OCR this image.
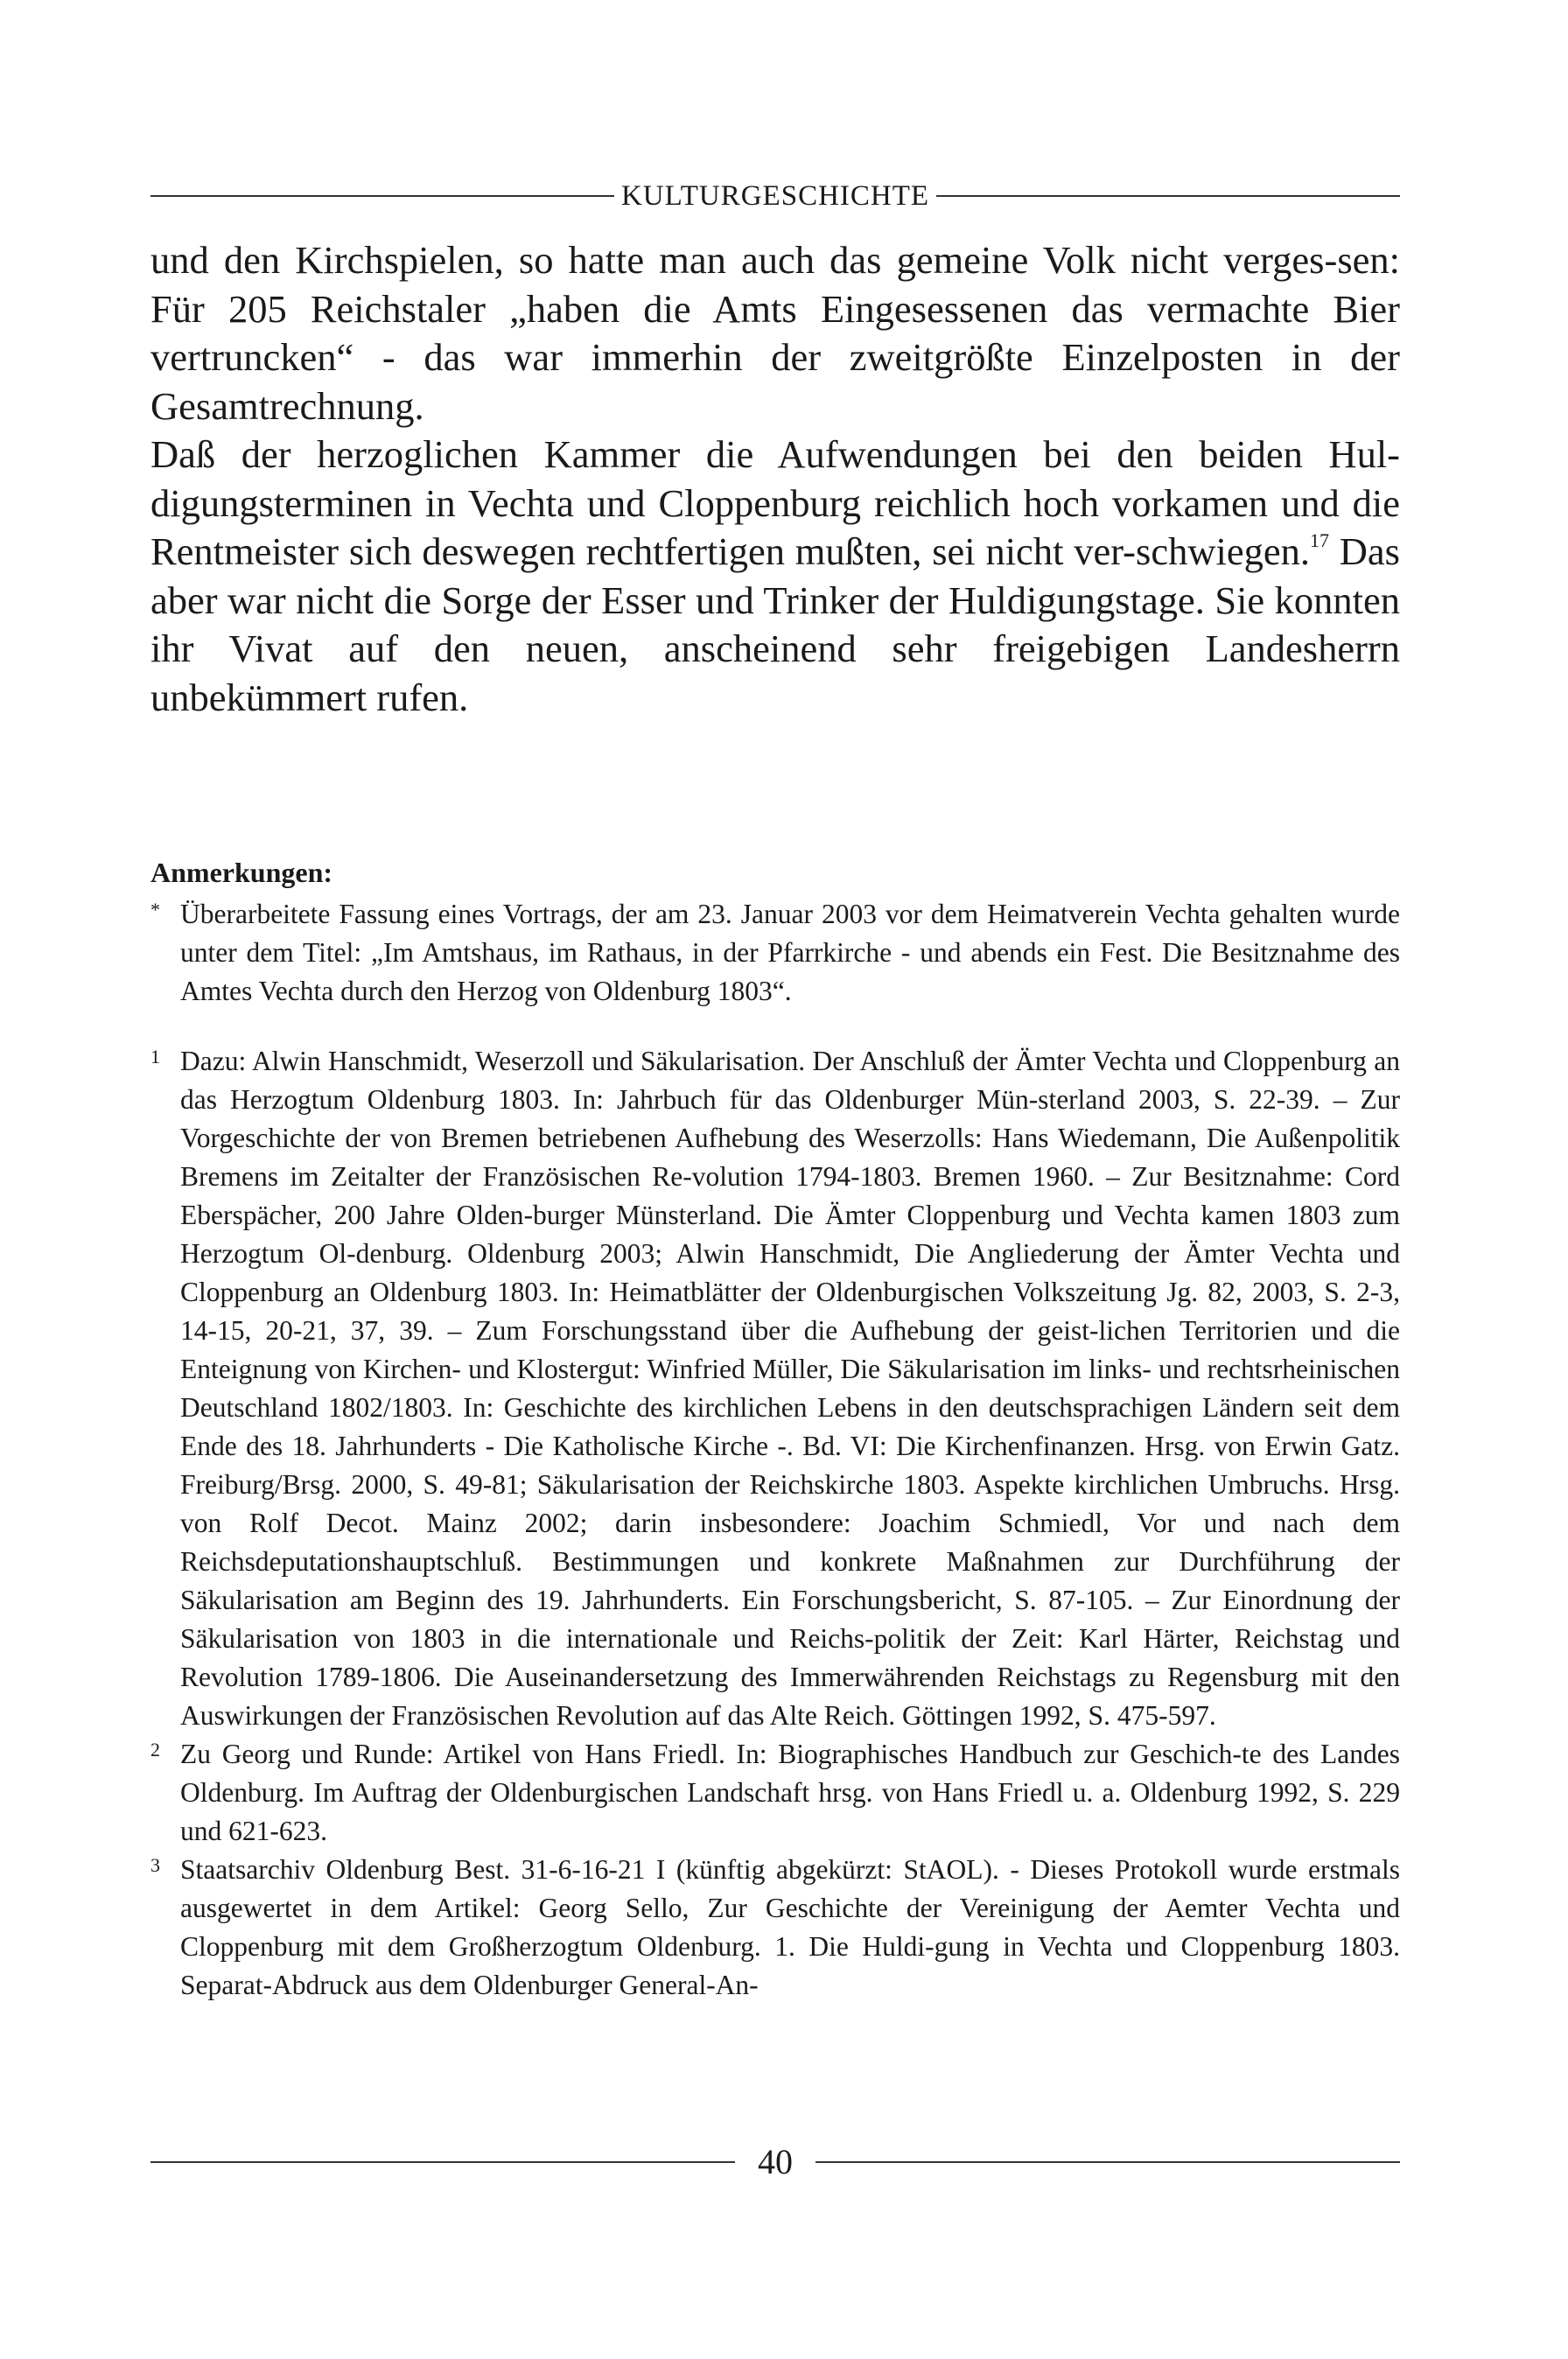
KULTURGESCHICHTE

und den Kirchspielen, so hatte man auch das gemeine Volk nicht verges-sen: Für 205 Reichstaler „haben die Amts Eingesessenen das vermachte Bier vertruncken“ - das war immerhin der zweitgrößte Einzelposten in der Gesamtrechnung.

Daß der herzoglichen Kammer die Aufwendungen bei den beiden Hul-digungsterminen in Vechta und Cloppenburg reichlich hoch vorkamen und die Rentmeister sich deswegen rechtfertigen mußten, sei nicht ver-schwiegen.$^{17}$ Das aber war nicht die Sorge der Esser und Trinker der Huldigungstage. Sie konnten ihr Vivat auf den neuen, anscheinend sehr freigebigen Landesherrn unbekümmert rufen.

Anmerkungen:
* Überarbeitete Fassung eines Vortrags, der am 23. Januar 2003 vor dem Heimatverein Vechta gehalten wurde unter dem Titel: „Im Amtshaus, im Rathaus, in der Pfarrkirche - und abends ein Fest. Die Besitznahme des Amtes Vechta durch den Herzog von Oldenburg 1803“.
1 Dazu: Alwin Hanschmidt, Weserzoll und Säkularisation. Der Anschluß der Ämter Vechta und Cloppenburg an das Herzogtum Oldenburg 1803. In: Jahrbuch für das Oldenburger Mün-sterland 2003, S. 22-39. – Zur Vorgeschichte der von Bremen betriebenen Aufhebung des Weserzolls: Hans Wiedemann, Die Außenpolitik Bremens im Zeitalter der Französischen Re-volution 1794-1803. Bremen 1960. – Zur Besitznahme: Cord Eberspächer, 200 Jahre Olden-burger Münsterland. Die Ämter Cloppenburg und Vechta kamen 1803 zum Herzogtum Ol-denburg. Oldenburg 2003; Alwin Hanschmidt, Die Angliederung der Ämter Vechta und Cloppenburg an Oldenburg 1803. In: Heimatblätter der Oldenburgischen Volkszeitung Jg. 82, 2003, S. 2-3, 14-15, 20-21, 37, 39. – Zum Forschungsstand über die Aufhebung der geist-lichen Territorien und die Enteignung von Kirchen- und Klostergut: Winfried Müller, Die Säkularisation im links- und rechtsrheinischen Deutschland 1802/1803. In: Geschichte des kirchlichen Lebens in den deutschsprachigen Ländern seit dem Ende des 18. Jahrhunderts - Die Katholische Kirche -. Bd. VI: Die Kirchenfinanzen. Hrsg. von Erwin Gatz. Freiburg/Brsg. 2000, S. 49-81; Säkularisation der Reichskirche 1803. Aspekte kirchlichen Umbruchs. Hrsg. von Rolf Decot. Mainz 2002; darin insbesondere: Joachim Schmiedl, Vor und nach dem Reichsdeputationshauptschluß. Bestimmungen und konkrete Maßnahmen zur Durchführung der Säkularisation am Beginn des 19. Jahrhunderts. Ein Forschungsbericht, S. 87-105. – Zur Einordnung der Säkularisation von 1803 in die internationale und Reichs-politik der Zeit: Karl Härter, Reichstag und Revolution 1789-1806. Die Auseinandersetzung des Immerwährenden Reichstags zu Regensburg mit den Auswirkungen der Französischen Revolution auf das Alte Reich. Göttingen 1992, S. 475-597.
2 Zu Georg und Runde: Artikel von Hans Friedl. In: Biographisches Handbuch zur Geschich-te des Landes Oldenburg. Im Auftrag der Oldenburgischen Landschaft hrsg. von Hans Friedl u. a. Oldenburg 1992, S. 229 und 621-623.
3 Staatsarchiv Oldenburg Best. 31-6-16-21 I (künftig abgekürzt: StAOL). - Dieses Protokoll wurde erstmals ausgewertet in dem Artikel: Georg Sello, Zur Geschichte der Vereinigung der Aemter Vechta und Cloppenburg mit dem Großherzogtum Oldenburg. 1. Die Huldi-gung in Vechta und Cloppenburg 1803. Separat-Abdruck aus dem Oldenburger General-An-
40
